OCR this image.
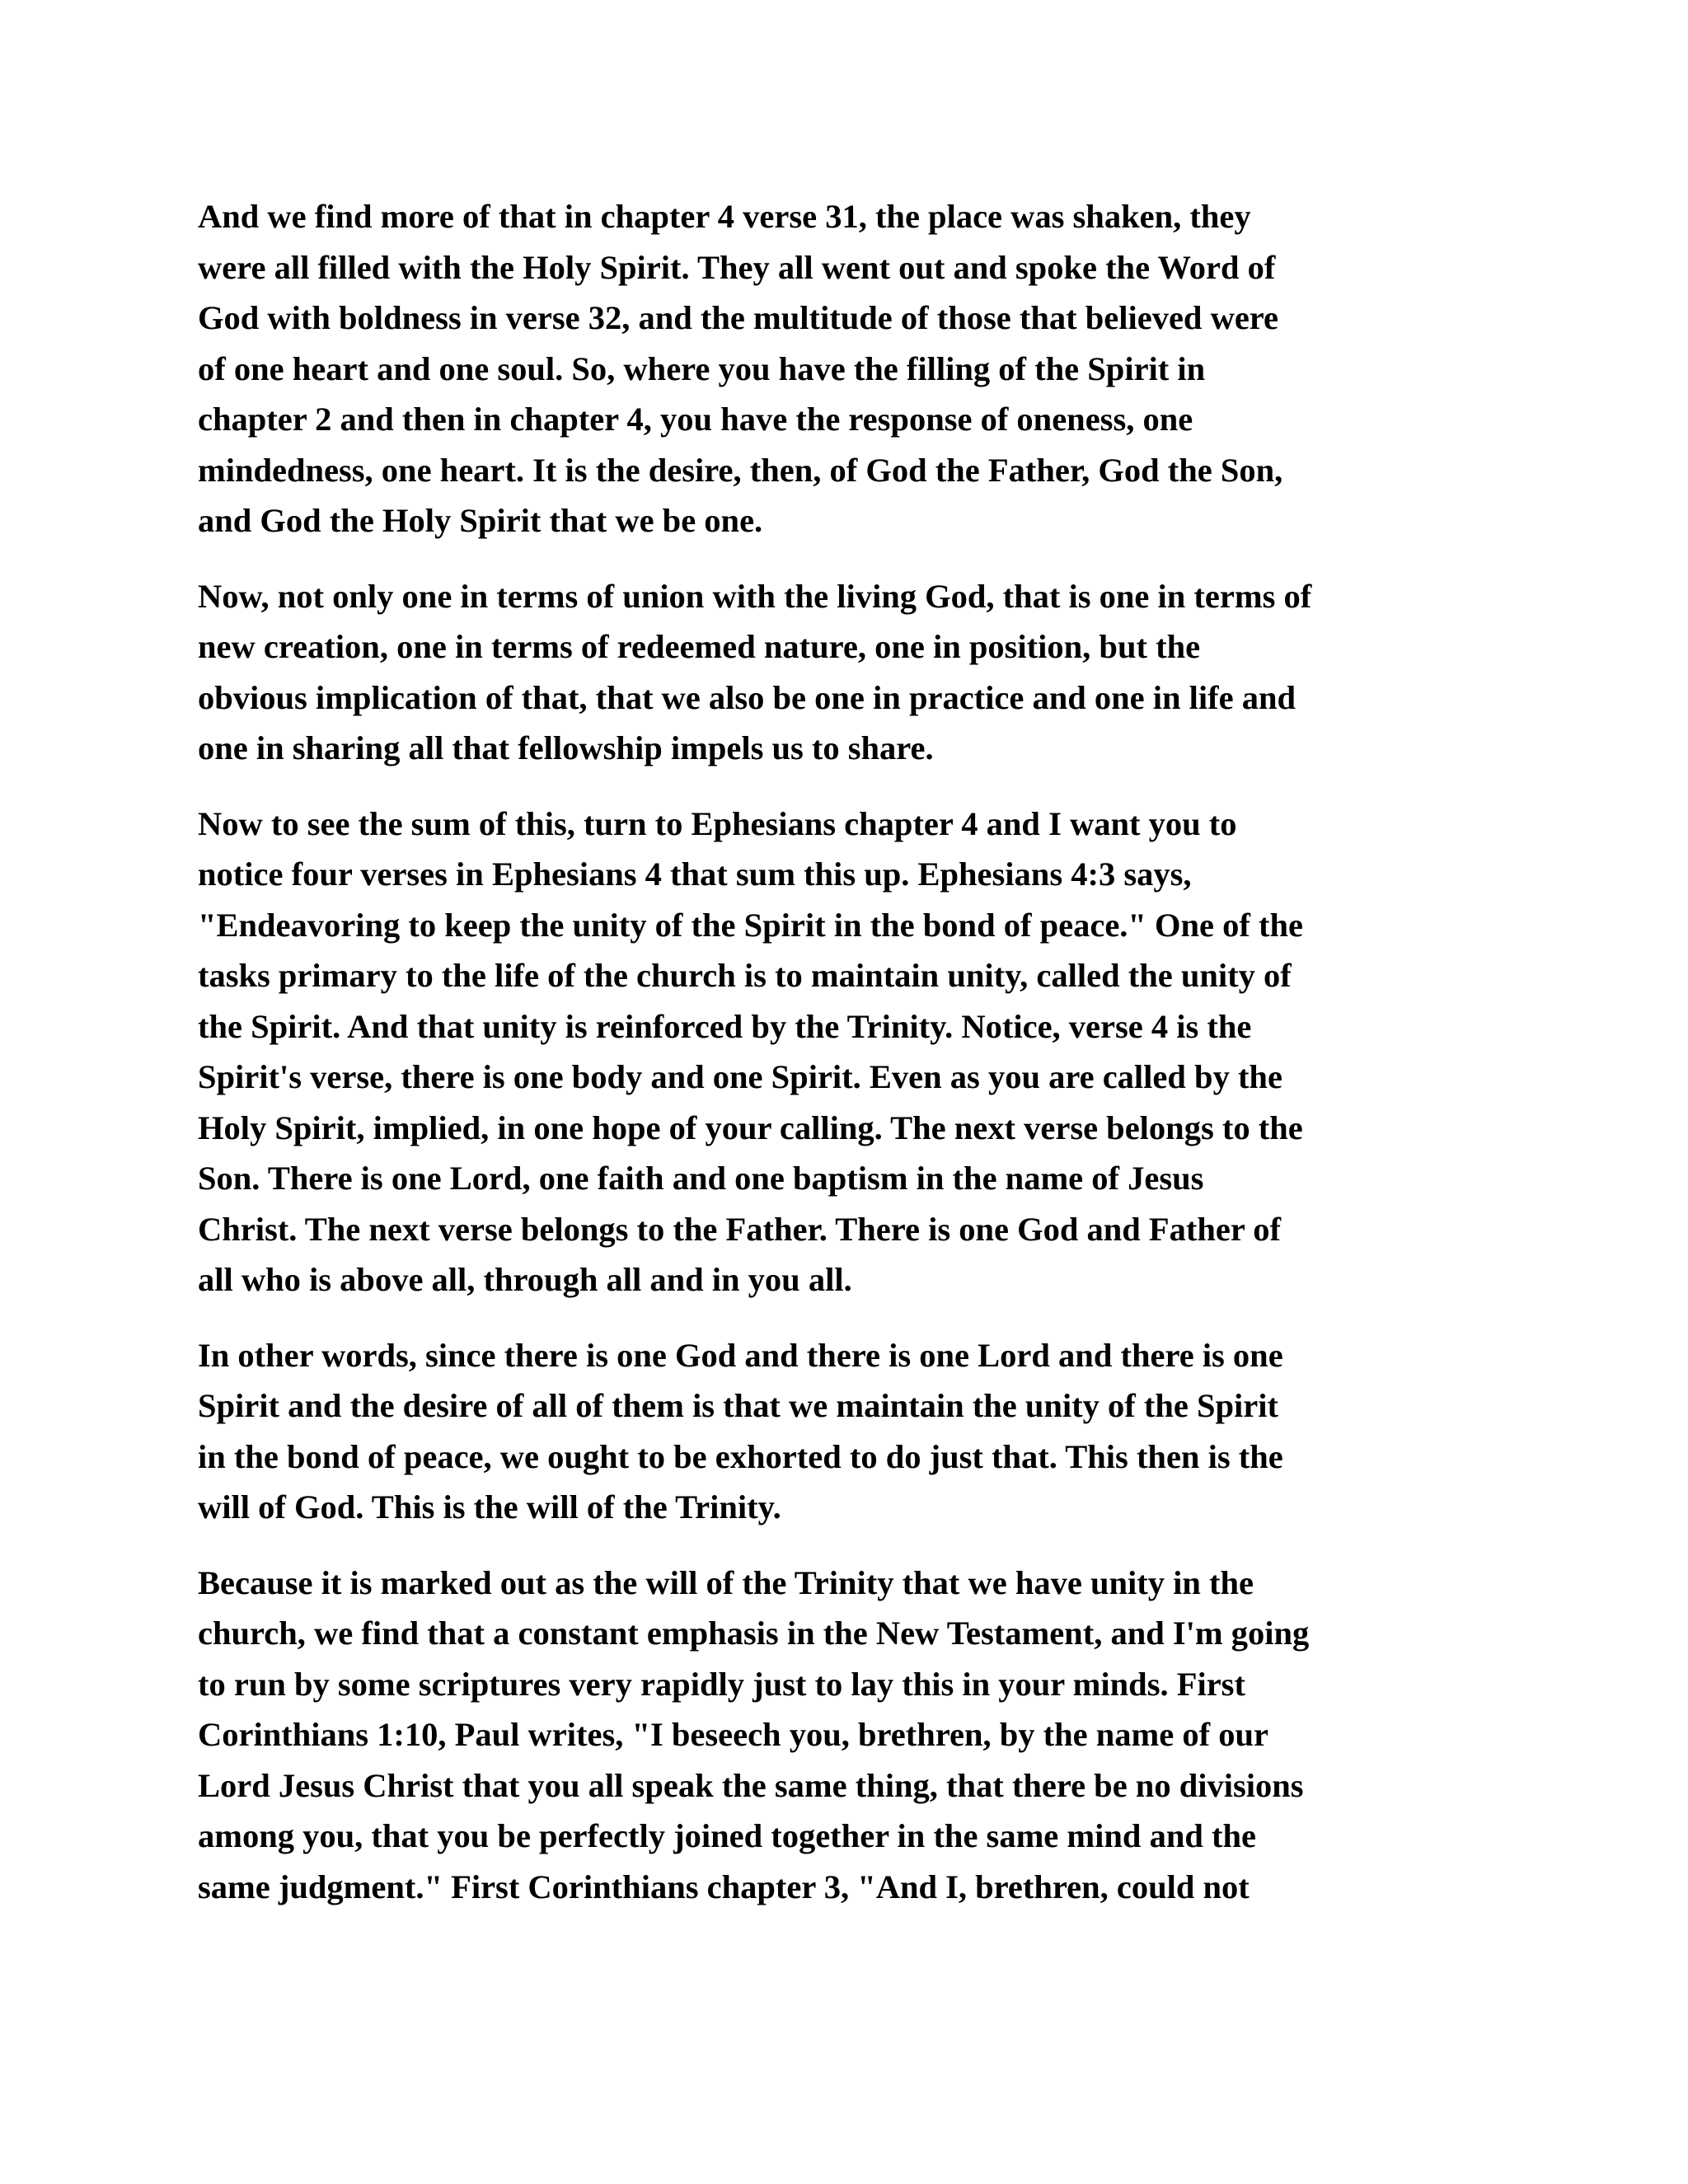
And we find more of that in chapter 4 verse 31, the place was shaken, they
were all filled with the Holy Spirit. They all went out and spoke the Word of
God with boldness in verse 32, and the multitude of those that believed were
of one heart and one soul. So, where you have the filling of the Spirit in
chapter 2 and then in chapter 4, you have the response of oneness, one
mindedness, one heart. It is the desire, then, of God the Father, God the Son,
and God the Holy Spirit that we be one.

Now, not only one in terms of union with the living God, that is one in terms of
new creation, one in terms of redeemed nature, one in position, but the
obvious implication of that, that we also be one in practice and one in life and
one in sharing all that fellowship impels us to share.

Now to see the sum of this, turn to Ephesians chapter 4 and I want you to
notice four verses in Ephesians 4 that sum this up. Ephesians 4:3 says,
"Endeavoring to keep the unity of the Spirit in the bond of peace." One of the
tasks primary to the life of the church is to maintain unity, called the unity of
the Spirit. And that unity is reinforced by the Trinity. Notice, verse 4 is the
Spirit's verse, there is one body and one Spirit. Even as you are called by the
Holy Spirit, implied, in one hope of your calling. The next verse belongs to the
Son. There is one Lord, one faith and one baptism in the name of Jesus
Christ. The next verse belongs to the Father. There is one God and Father of
all who is above all, through all and in you all.

In other words, since there is one God and there is one Lord and there is one
Spirit and the desire of all of them is that we maintain the unity of the Spirit
in the bond of peace, we ought to be exhorted to do just that. This then is the
will of God. This is the will of the Trinity.

Because it is marked out as the will of the Trinity that we have unity in the
church, we find that a constant emphasis in the New Testament, and I'm going
to run by some scriptures very rapidly just to lay this in your minds. First
Corinthians 1:10, Paul writes, "I beseech you, brethren, by the name of our
Lord Jesus Christ that you all speak the same thing, that there be no divisions
among you, that you be perfectly joined together in the same mind and the
same judgment." First Corinthians chapter 3, "And I, brethren, could not
